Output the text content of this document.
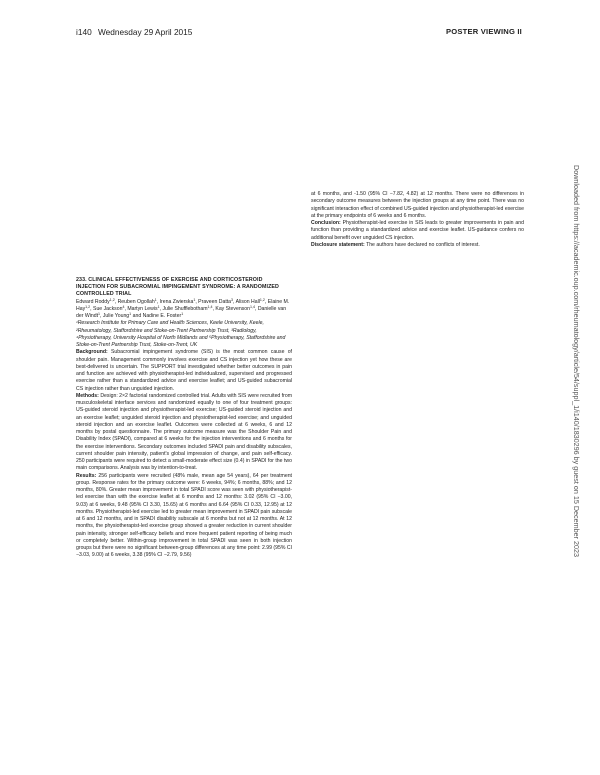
i140 Wednesday 29 April 2015	POSTER VIEWING II
Downloaded from https://academic.oup.com/rheumatology/article/54/suppl_1/i140/1830296 by guest on 15 December 2023

233. CLINICAL EFFECTIVENESS OF EXERCISE AND CORTICOSTEROID INJECTION FOR SUBACROMIAL IMPINGEMENT SYNDROME: A RANDOMIZED CONTROLLED TRIAL

Edward Roddy$^{1,2}$, Reuben Ogollah$^1$, Irena Zwierska$^1$, Praveen Datta$^3$, Alison Hall$^{1,2}$, Elaine M. Hay$^{1,2}$, Sue Jackson$^4$, Martyn Lewis$^1$, Julie Shufflebotham$^{1,4}$, Kay Stevenson$^{1,4}$, Danielle van der Windt$^1$, Julie Young$^1$ and Nadine E. Foster$^1$

¹Research Institute for Primary Care and Health Sciences, Keele University, Keele, ²Rheumatology, Staffordshire and Stoke-on-Trent Partnership Trust, ³Radiology, ⁴Physiotherapy, University Hospital of North Midlands and ⁵Physiotherapy, Staffordshire and Stoke-on-Trent Partnership Trust, Stoke-on-Trent, UK

Background: Subacromial impingement syndrome (SIS) is the most common cause of shoulder pain. Management commonly involves exercise and CS injection yet how these are best-delivered is uncertain. The SUPPORT trial investigated whether better outcomes in pain and function are achieved with physiotherapist-led individualized, supervised and progressed exercise rather than a standardized advice and exercise leaflet; and US-guided subacromial CS injection rather than unguided injection.

Methods: Design: 2×2 factorial randomized controlled trial. Adults with SIS were recruited from musculoskeletal interface services and randomized equally to one of four treatment groups: US-guided steroid injection and physiotherapist-led exercise; US-guided steroid injection and an exercise leaflet; unguided steroid injection and physiotherapist-led exercise; and unguided steroid injection and an exercise leaflet. Outcomes were collected at 6 weeks, 6 and 12 months by postal questionnaire. The primary outcome measure was the Shoulder Pain and Disability Index (SPADI), compared at 6 weeks for the injection interventions and 6 months for the exercise interventions. Secondary outcomes included SPADI pain and disability subscales, current shoulder pain intensity, patient's global impression of change, and pain self-efficacy. 250 participants were required to detect a small-moderate effect size (0.4) in SPADI for the two main comparisons. Analysis was by intention-to-treat.

Results: 256 participants were recruited (48% male, mean age 54 years), 64 per treatment group. Response rates for the primary outcome were: 6 weeks, 94%; 6 months, 88%; and 12 months, 80%. Greater mean improvement in total SPADI score was seen with physiotherapist-led exercise than with the exercise leaflet at 6 months and 12 months: 3.02 (95% CI −3.00, 9.03) at 6 weeks, 9.48 (95% CI 3.30, 15.65) at 6 months and 6.64 (95% CI 0.33, 12.95) at 12 months. Physiotherapist-led exercise led to greater mean improvement in SPADI pain subscale at 6 and 12 months, and in SPADI disability subscale at 6 months but not at 12 months. At 12 months, the physiotherapist-led exercise group showed a greater reduction in current shoulder pain intensity, stronger self-efficacy beliefs and more frequent patient reporting of being much or completely better. Within-group improvement in total SPADI was seen in both injection groups but there were no significant between-group differences at any time point: 2.99 (95% CI −3.03, 9.00) at 6 weeks, 3.38 (95% CI −2.79, 9.56)

at 6 months, and -1.50 (95% CI −7.82, 4.82) at 12 months. There were no differences in secondary outcome measures between the injection groups at any time point. There was no significant interaction effect of combined US-guided injection and physiotherapist-led exercise at the primary endpoints of 6 weeks and 6 months.

Conclusion: Physiotherapist-led exercise in SIS leads to greater improvements in pain and function than providing a standardized advice and exercise leaflet. US-guidance confers no additional benefit over unguided CS injection.

Disclosure statement: The authors have declared no conflicts of interest.
